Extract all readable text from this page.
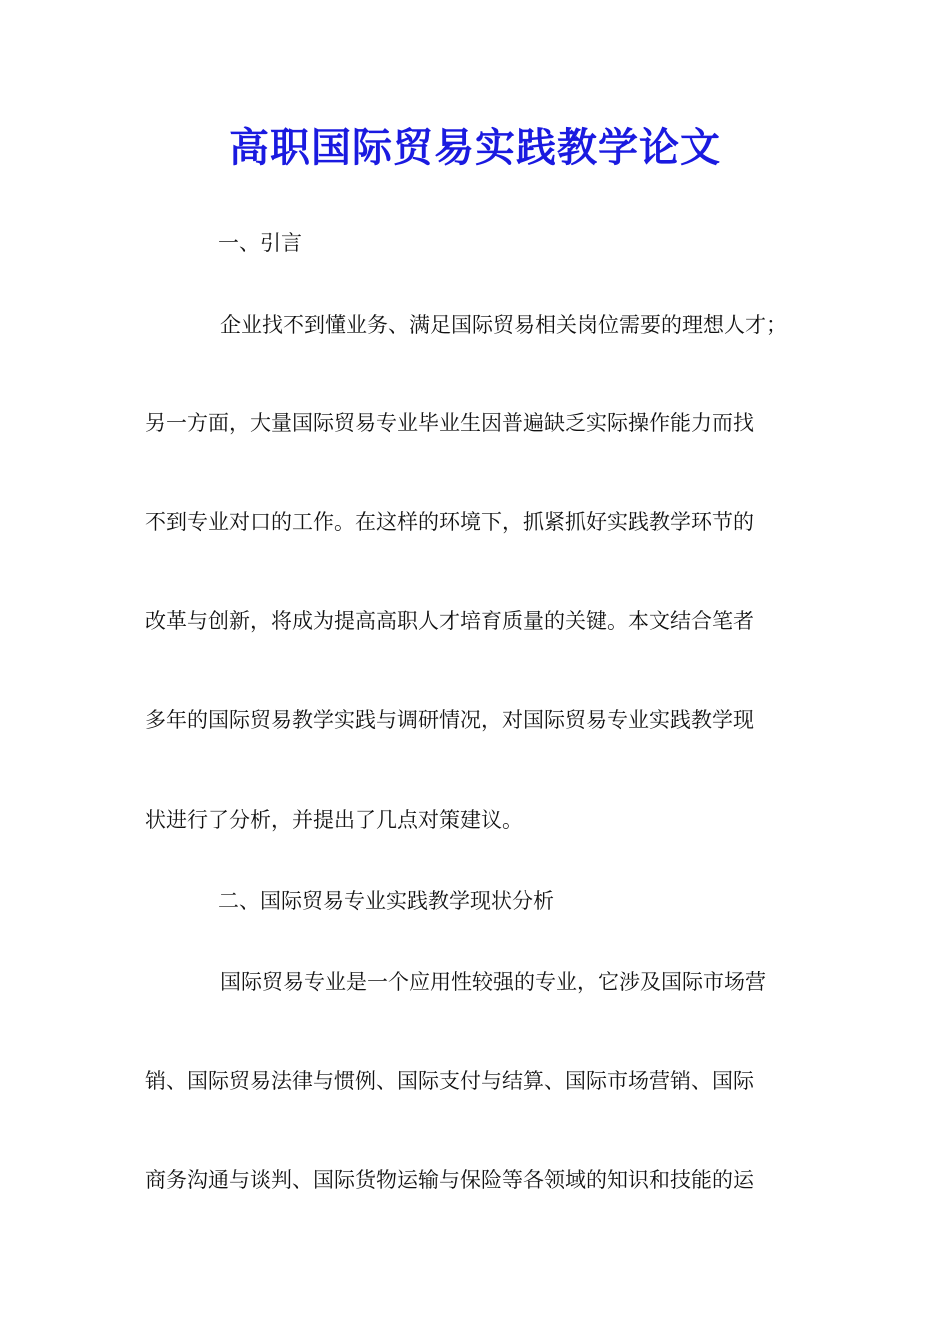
高职国际贸易实践教学论文
一、引言
企业找不到懂业务、满足国际贸易相关岗位需要的理想人才；
另一方面，大量国际贸易专业毕业生因普遍缺乏实际操作能力而找
不到专业对口的工作。在这样的环境下，抓紧抓好实践教学环节的
改革与创新，将成为提高高职人才培育质量的关键。本文结合笔者
多年的国际贸易教学实践与调研情况，对国际贸易专业实践教学现
状进行了分析，并提出了几点对策建议。
二、国际贸易专业实践教学现状分析
国际贸易专业是一个应用性较强的专业，它涉及国际市场营
销、国际贸易法律与惯例、国际支付与结算、国际市场营销、国际
商务沟通与谈判、国际货物运输与保险等各领域的知识和技能的运
